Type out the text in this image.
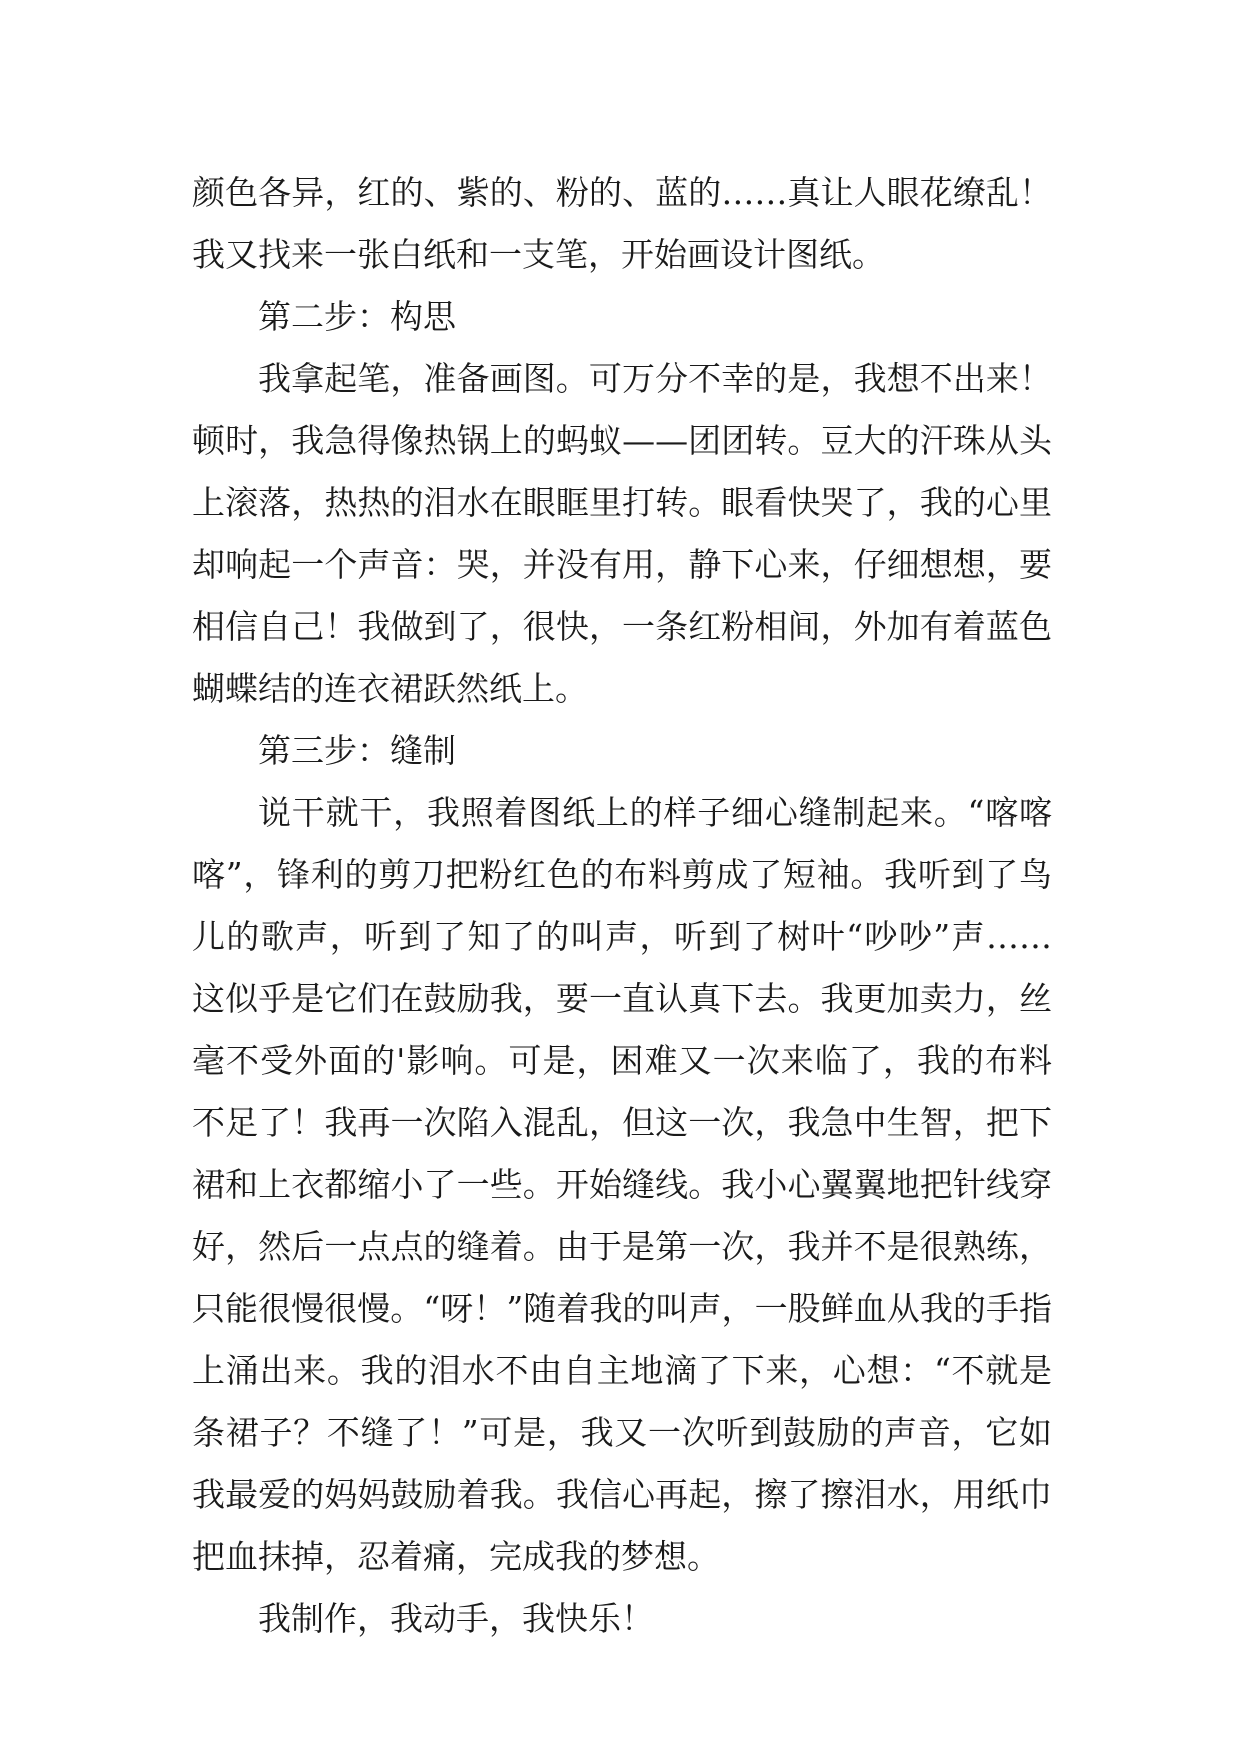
颜色各异，红的、紫的、粉的、蓝的……真让人眼花缭乱！
我又找来一张白纸和一支笔，开始画设计图纸。
第二步：构思
我拿起笔，准备画图。可万分不幸的是，我想不出来！
顿时，我急得像热锅上的蚂蚁——团团转。豆大的汗珠从头
上滚落，热热的泪水在眼眶里打转。眼看快哭了，我的心里
却响起一个声音：哭，并没有用，静下心来，仔细想想，要
相信自己！我做到了，很快，一条红粉相间，外加有着蓝色
蝴蝶结的连衣裙跃然纸上。
第三步：缝制
说干就干，我照着图纸上的样子细心缝制起来。“喀喀
喀”，锋利的剪刀把粉红色的布料剪成了短袖。我听到了鸟
儿的歌声，听到了知了的叫声，听到了树叶“吵吵”声……
这似乎是它们在鼓励我，要一直认真下去。我更加卖力，丝
毫不受外面的'影响。可是，困难又一次来临了，我的布料
不足了！我再一次陷入混乱，但这一次，我急中生智，把下
裙和上衣都缩小了一些。开始缝线。我小心翼翼地把针线穿
好，然后一点点的缝着。由于是第一次，我并不是很熟练，
只能很慢很慢。“呀！”随着我的叫声，一股鲜血从我的手指
上涌出来。我的泪水不由自主地滴了下来，心想：“不就是
条裙子？不缝了！”可是，我又一次听到鼓励的声音，它如
我最爱的妈妈鼓励着我。我信心再起，擦了擦泪水，用纸巾
把血抹掉，忍着痛，完成我的梦想。
我制作，我动手，我快乐！
